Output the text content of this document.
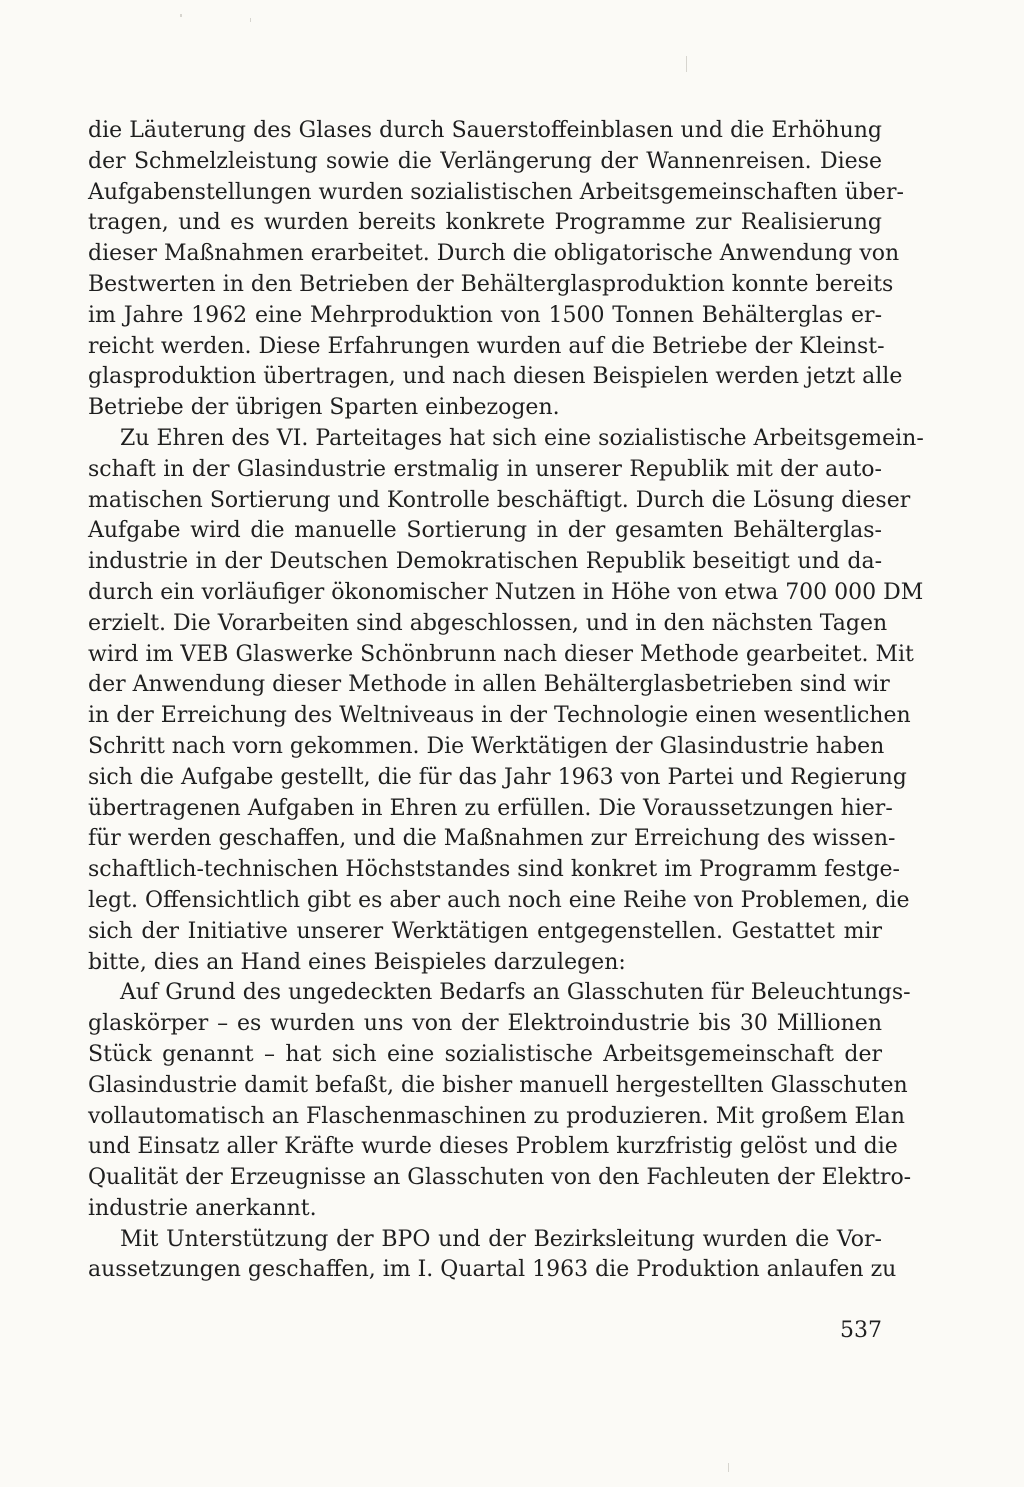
die Läuterung des Glases durch Sauerstoffeinblasen und die Erhöhung
der Schmelzleistung sowie die Verlängerung der Wannenreisen. Diese
Aufgabenstellungen wurden sozialistischen Arbeitsgemeinschaften über-
tragen, und es wurden bereits konkrete Programme zur Realisierung
dieser Maßnahmen erarbeitet. Durch die obligatorische Anwendung von
Bestwerten in den Betrieben der Behälterglasproduktion konnte bereits
im Jahre 1962 eine Mehrproduktion von 1500 Tonnen Behälterglas er-
reicht werden. Diese Erfahrungen wurden auf die Betriebe der Kleinst-
glasproduktion übertragen, und nach diesen Beispielen werden jetzt alle
Betriebe der übrigen Sparten einbezogen.
Zu Ehren des VI. Parteitages hat sich eine sozialistische Arbeitsgemein-
schaft in der Glasindustrie erstmalig in unserer Republik mit der auto-
matischen Sortierung und Kontrolle beschäftigt. Durch die Lösung dieser
Aufgabe wird die manuelle Sortierung in der gesamten Behälterglas-
industrie in der Deutschen Demokratischen Republik beseitigt und da-
durch ein vorläufiger ökonomischer Nutzen in Höhe von etwa 700 000 DM
erzielt. Die Vorarbeiten sind abgeschlossen, und in den nächsten Tagen
wird im VEB Glaswerke Schönbrunn nach dieser Methode gearbeitet. Mit
der Anwendung dieser Methode in allen Behälterglasbetrieben sind wir
in der Erreichung des Weltniveaus in der Technologie einen wesentlichen
Schritt nach vorn gekommen. Die Werktätigen der Glasindustrie haben
sich die Aufgabe gestellt, die für das Jahr 1963 von Partei und Regierung
übertragenen Aufgaben in Ehren zu erfüllen. Die Voraussetzungen hier-
für werden geschaffen, und die Maßnahmen zur Erreichung des wissen-
schaftlich-technischen Höchststandes sind konkret im Programm festge-
legt. Offensichtlich gibt es aber auch noch eine Reihe von Problemen, die
sich der Initiative unserer Werktätigen entgegenstellen. Gestattet mir
bitte, dies an Hand eines Beispieles darzulegen:
Auf Grund des ungedeckten Bedarfs an Glasschuten für Beleuchtungs-
glaskörper – es wurden uns von der Elektroindustrie bis 30 Millionen
Stück genannt – hat sich eine sozialistische Arbeitsgemeinschaft der
Glasindustrie damit befaßt, die bisher manuell hergestellten Glasschuten
vollautomatisch an Flaschenmaschinen zu produzieren. Mit großem Elan
und Einsatz aller Kräfte wurde dieses Problem kurzfristig gelöst und die
Qualität der Erzeugnisse an Glasschuten von den Fachleuten der Elektro-
industrie anerkannt.
Mit Unterstützung der BPO und der Bezirksleitung wurden die Vor-
aussetzungen geschaffen, im I. Quartal 1963 die Produktion anlaufen zu
537
